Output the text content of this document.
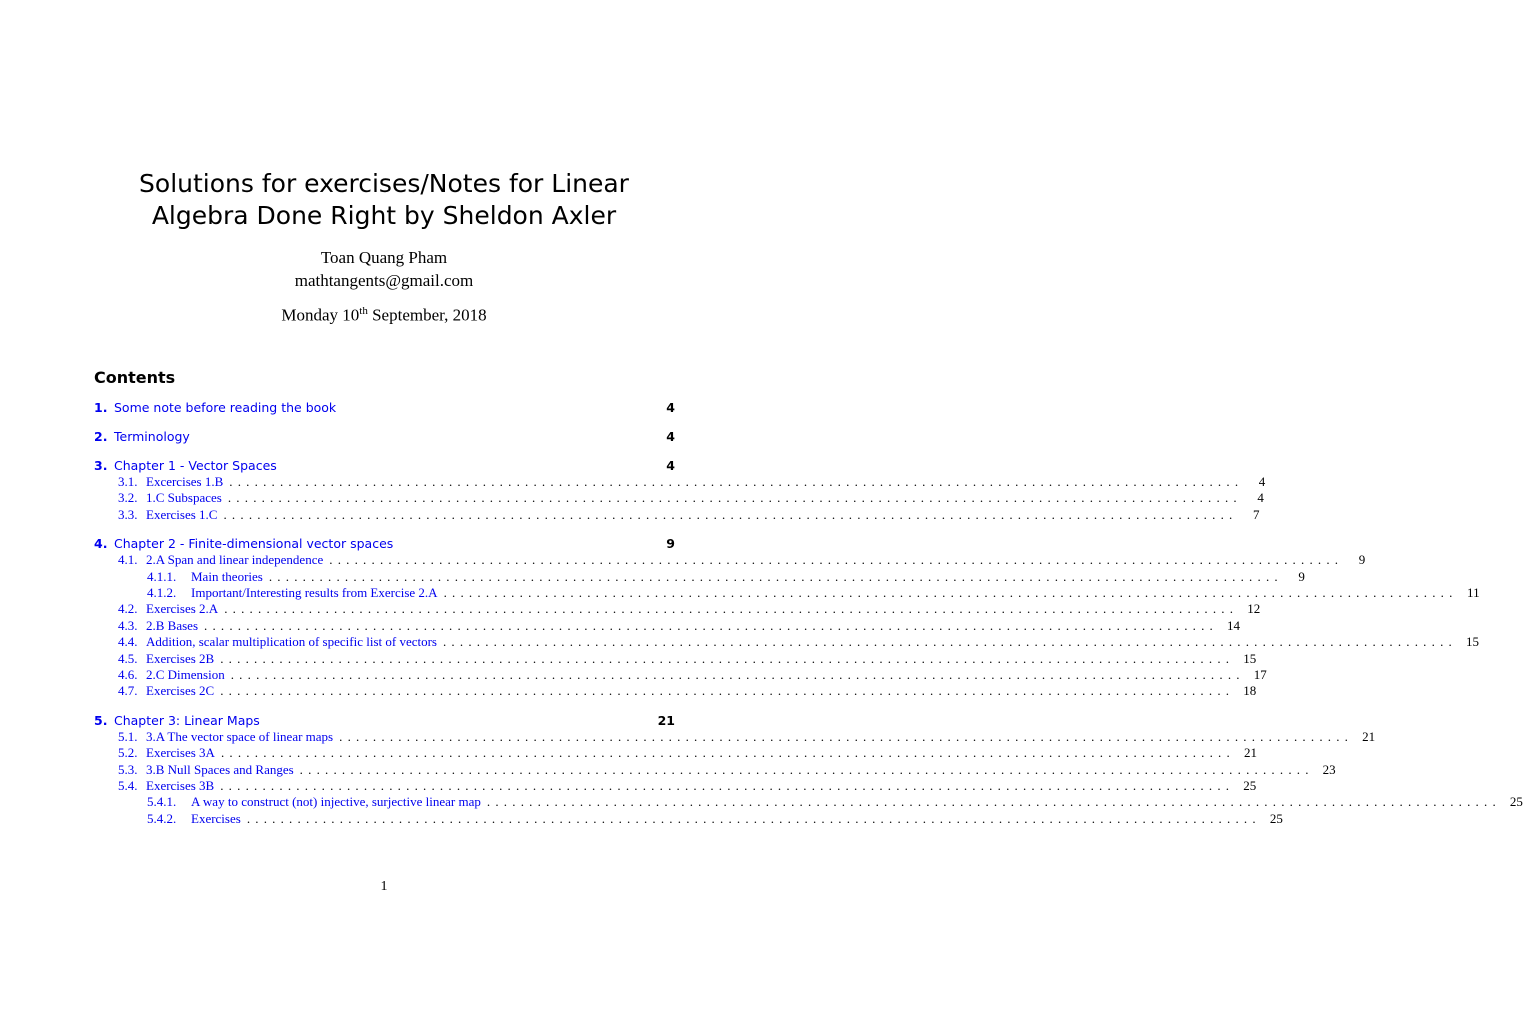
Solutions for exercises/Notes for Linear
Algebra Done Right by Sheldon Axler
Toan Quang Pham
mathtangents@gmail.com
Monday 10th September, 2018
Contents
1. Some note before reading the book	4
2. Terminology	4
3. Chapter 1 - Vector Spaces	4
3.1. Excercises 1.B ........................................................................................................................	4
3.2. 1.C Subspaces ........................................................................................................................	4
3.3. Exercises 1.C ........................................................................................................................	7
4. Chapter 2 - Finite-dimensional vector spaces	9
4.1. 2.A Span and linear independence ........................................................................................................................	9
4.1.1.	Main theories ........................................................................................................................	9
4.1.2.	Important/Interesting results from Exercise 2.A ........................................................................................................................ 11
4.2. Exercises 2.A ........................................................................................................................ 12
4.3. 2.B Bases ........................................................................................................................ 14
4.4. Addition, scalar multiplication of specific list of vectors ........................................................................................................................ 15
4.5. Exercises 2B ........................................................................................................................ 15
4.6. 2.C Dimension ........................................................................................................................ 17
4.7. Exercises 2C ........................................................................................................................ 18
5. Chapter 3: Linear Maps	21
5.1. 3.A The vector space of linear maps ........................................................................................................................ 21
5.2. Exercises 3A ........................................................................................................................ 21
5.3. 3.B Null Spaces and Ranges ........................................................................................................................ 23
5.4. Exercises 3B ........................................................................................................................ 25
5.4.1.	A way to construct (not) injective, surjective linear map ........................................................................................................................ 25
5.4.2.	Exercises ........................................................................................................................ 25
1
